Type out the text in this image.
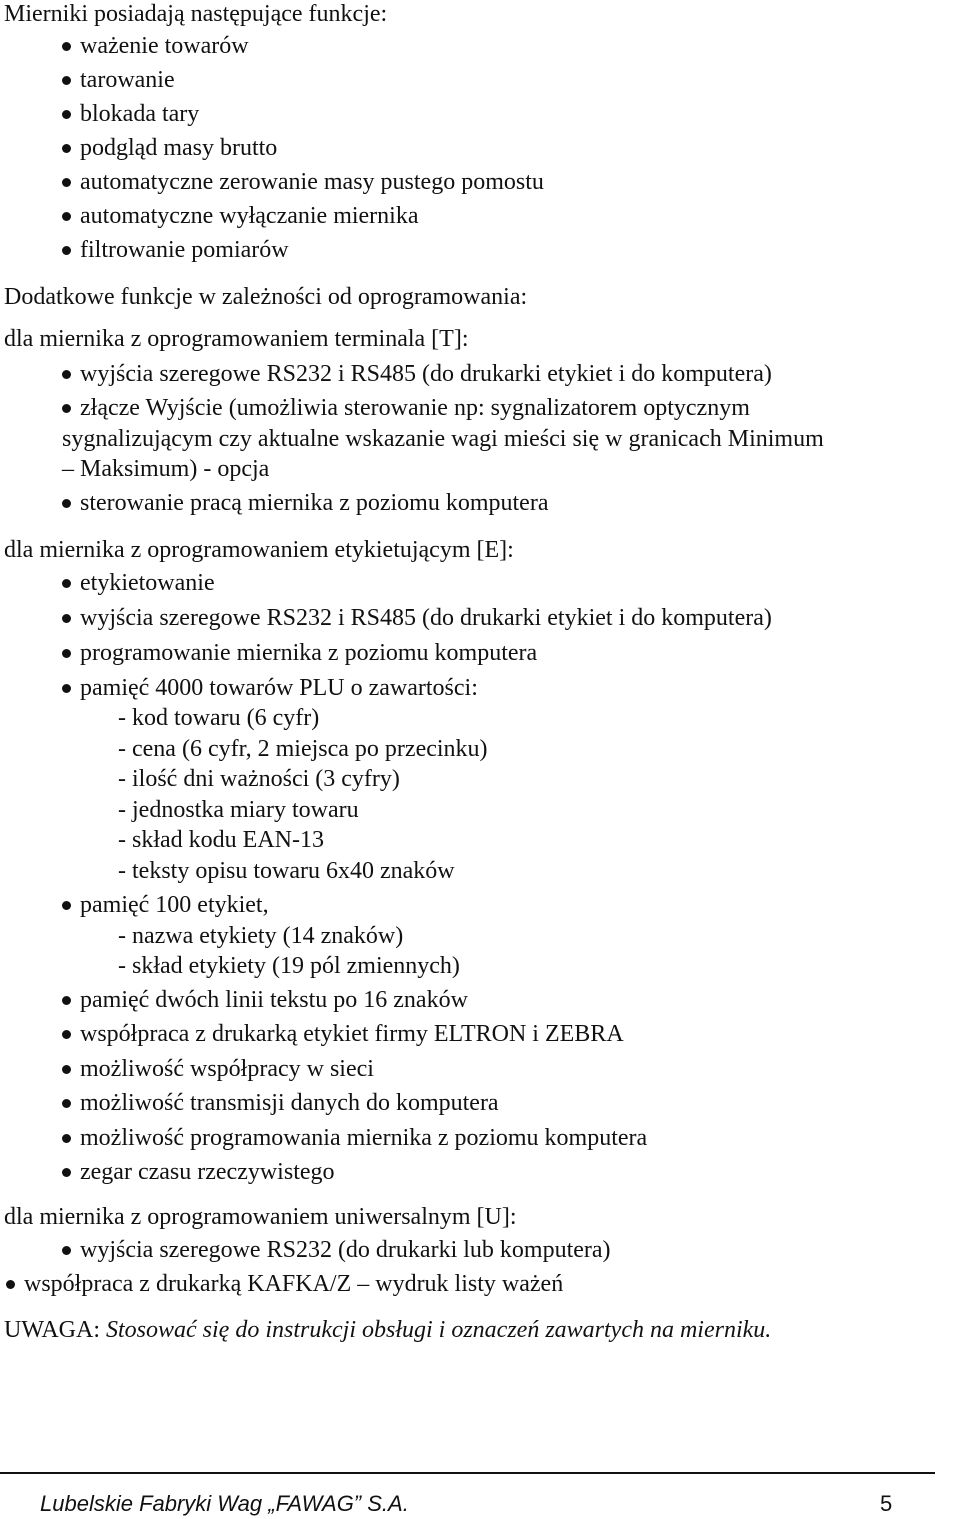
Mierniki posiadają następujące funkcje:
ważenie towarów
tarowanie
blokada tary
podgląd masy brutto
automatyczne zerowanie masy pustego pomostu
automatyczne wyłączanie miernika
filtrowanie pomiarów
Dodatkowe funkcje w zależności od oprogramowania:
dla miernika z oprogramowaniem terminala [T]:
wyjścia szeregowe RS232 i RS485 (do drukarki etykiet i do komputera)
złącze Wyjście (umożliwia sterowanie np: sygnalizatorem optycznym
sygnalizującym czy aktualne wskazanie wagi mieści się w granicach Minimum
– Maksimum) - opcja
sterowanie pracą miernika z poziomu komputera
dla miernika z oprogramowaniem etykietującym [E]:
etykietowanie
wyjścia szeregowe RS232 i RS485 (do drukarki etykiet i do komputera)
programowanie miernika z poziomu komputera
pamięć 4000 towarów PLU o zawartości:
- kod towaru (6 cyfr)
- cena (6 cyfr, 2 miejsca po przecinku)
- ilość dni ważności (3 cyfry)
- jednostka miary towaru
- skład kodu EAN-13
- teksty opisu towaru 6x40 znaków
pamięć 100 etykiet,
- nazwa etykiety (14 znaków)
- skład etykiety (19 pól zmiennych)
pamięć dwóch linii tekstu po 16 znaków
współpraca z drukarką etykiet firmy ELTRON i ZEBRA
możliwość współpracy w sieci
możliwość transmisji danych do komputera
możliwość programowania miernika z poziomu komputera
zegar czasu rzeczywistego
dla miernika z oprogramowaniem uniwersalnym [U]:
wyjścia szeregowe RS232 (do drukarki lub komputera)
współpraca z drukarką KAFKA/Z – wydruk listy ważeń
UWAGA: Stosować się do instrukcji obsługi i oznaczeń zawartych na mierniku.
Lubelskie Fabryki Wag „FAWAG” S.A.	5
